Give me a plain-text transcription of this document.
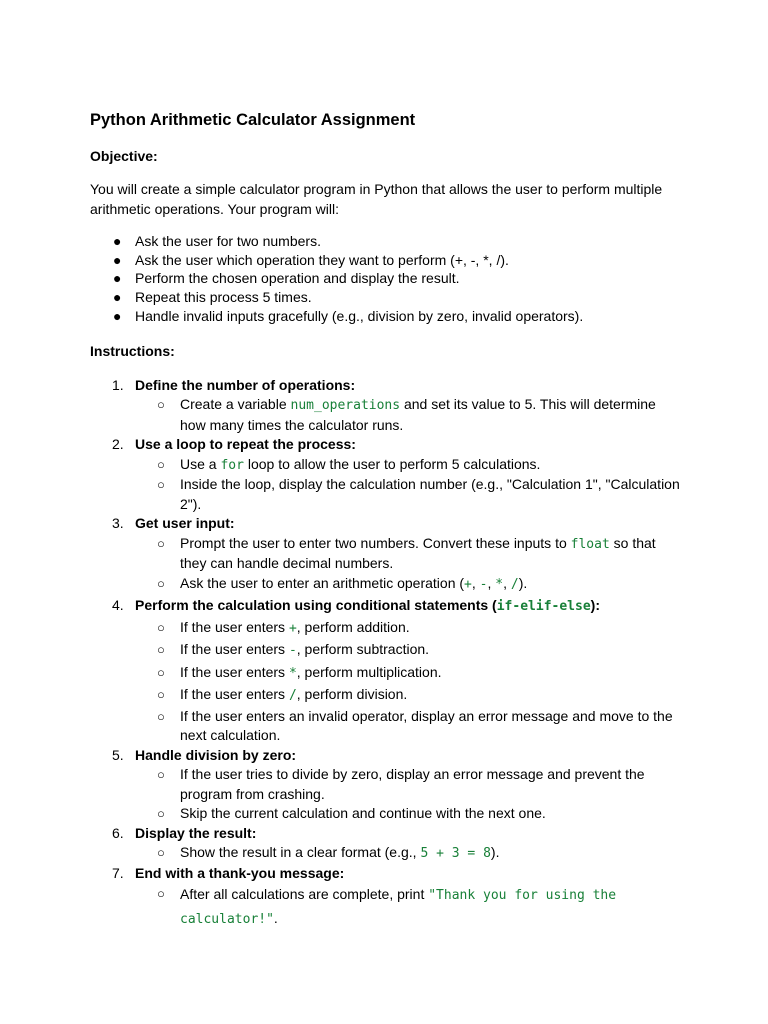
Python Arithmetic Calculator Assignment
Objective:
You will create a simple calculator program in Python that allows the user to perform multiple
arithmetic operations. Your program will:
● Ask the user for two numbers.
● Ask the user which operation they want to perform (+, -, *, /).
● Perform the chosen operation and display the result.
● Repeat this process 5 times.
● Handle invalid inputs gracefully (e.g., division by zero, invalid operators).
Instructions:
1. Define the number of operations:
○ Create a variable num_operations and set its value to 5. This will determine
how many times the calculator runs.
2. Use a loop to repeat the process:
○ Use a for loop to allow the user to perform 5 calculations.
○ Inside the loop, display the calculation number (e.g., "Calculation 1", "Calculation
2").
3. Get user input:
○ Prompt the user to enter two numbers. Convert these inputs to float so that
they can handle decimal numbers.
○ Ask the user to enter an arithmetic operation (+, -, *, /).
4. Perform the calculation using conditional statements (if-elif-else):
○ If the user enters +, perform addition.
○ If the user enters -, perform subtraction.
○ If the user enters *, perform multiplication.
○ If the user enters /, perform division.
○ If the user enters an invalid operator, display an error message and move to the
next calculation.
5. Handle division by zero:
○ If the user tries to divide by zero, display an error message and prevent the
program from crashing.
○ Skip the current calculation and continue with the next one.
6. Display the result:
○ Show the result in a clear format (e.g., 5 + 3 = 8).
7. End with a thank-you message:
○ After all calculations are complete, print "Thank you for using the
calculator!".
